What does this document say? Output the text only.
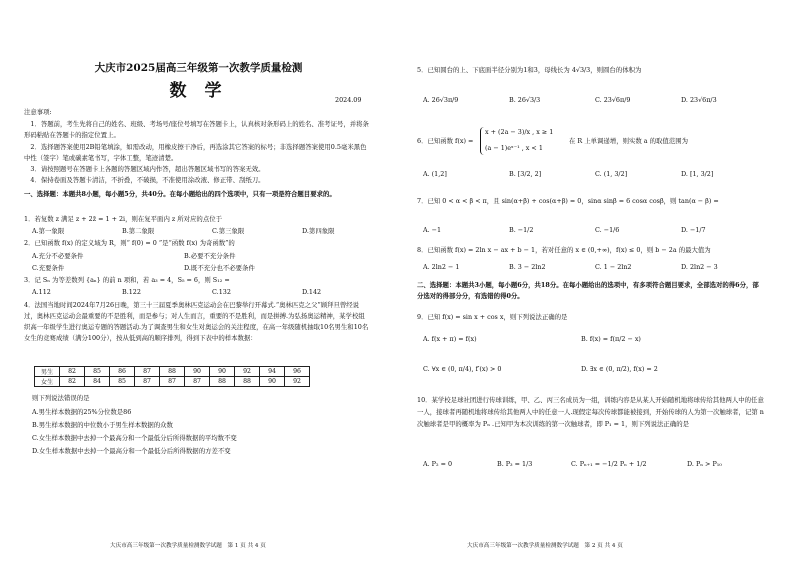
大庆市2025届高三年级第一次教学质量检测
数 学	2024.09
注意事项:
1．答题前，考生先将自己的姓名、班级、考场号/座位号填写在答题卡上，认真核对条形码上的姓名、准考证号，并将条形码粘贴在答题卡的指定位置上。
2．选择题答案使用2B铅笔填涂，如需改动，用橡皮擦干净后，再选涂其它答案的标号；非选择题答案使用0.5毫米黑色中性（签字）笔或碳素笔书写，字体工整，笔迹清楚。
3．请按照题号在答题卡上各题的答题区域内作答，超出答题区域书写的答案无效。
4．保持卷面及答题卡清洁，不折叠，不破损，不准使用涂改液、修正带、刮纸刀。
一、选择题：本题共8小题，每小题5分，共40分。在每小题给出的四个选项中，只有一项是符合题目要求的。
1．若复数 z 满足 z + 2z̄ = 1 + 2i，则在复平面内 z 所对应的点位于
A.第一象限	B.第二象限	C.第三象限	D.第四象限
2．已知函数 f(x) 的定义域为 R，则“ f(0) = 0 ”是“函数 f(x) 为奇函数”的
A.充分不必要条件	B.必要不充分条件
C.充要条件	D.既不充分也不必要条件
3．记 Sₙ 为等差数列 {aₙ} 的前 n 项和，若 a₃ = 4，S₅ = 6，则 S₁₂ =
A.112	B.122	C.132	D.142
4．法国当地时间2024年7月26日晚，第三十三届夏季奥林匹克运动会在巴黎举行开幕式.“奥林匹克之父”顾拜旦曾经说过，奥林匹克运动会最重要的不是胜利，而是参与；对人生而言，重要的不是胜利，而是拼搏.为弘扬奥运精神，某学校组织高一年级学生进行奥运专题的答题活动.为了调查男生和女生对奥运会的关注程度，在高一年级随机抽取10名男生和10名女生的竞赛成绩（满分100分），按从低到高的顺序排列，得到下表中的样本数据：
男生	82	85	86	87	88	90	90	92	94	96
女生	82	84	85	87	87	87	88	88	90	92
则下列说法错误的是
A.男生样本数据的25%分位数是86
B.男生样本数据的中位数小于男生样本数据的众数
C.女生样本数据中去掉一个最高分和一个最低分后所得数据的平均数不变
D.女生样本数据中去掉一个最高分和一个最低分后所得数据的方差不变
大庆市高三年级第一次教学质量检测数学试题　第 1 页 共 4 页
5．已知圆台的上、下底面半径分别为1和3，母线长为 4√3/3，则圆台的体积为
A. 26√3π/9	B. 26√3/3	C. 23√6π/9	D. 23√6π/3
6．已知函数 f(x) =
x + (2a − 3)/x , x ≥ 1
(a − 1)eˣ⁻¹ , x < 1
在 R 上单调递增，则实数 a 的取值范围为
A. (1,2]	B. [3/2, 2]	C. (1, 3/2]	D. [1, 3/2]
7．已知 0 < α < β < π，且 sin(α+β) + cos(α+β) = 0，sinα sinβ = 6 cosα cosβ，则 tan(α − β) =
A. −1	B. −1/2	C. −1/6	D. −1/7
8．已知函数 f(x) = 2ln x − ax + b − 1，若对任意的 x ∈ (0,+∞)，f(x) ≤ 0，则 b − 2a 的最大值为
A. 2ln2 − 1	B. 3 − 2ln2	C. 1 − 2ln2	D. 2ln2 − 3
二、选择题：本题共3小题，每小题6分，共18分。在每小题给出的选项中，有多项符合题目要求，全部选对的得6分，部分选对的得部分分，有选错的得0分。
9．已知 f(x) = sin x + cos x，则下列说法正确的是
A. f(x + π) = f(x)	B. f(x) = f(π/2 − x)
C. ∀x ∈ (0, π/4), f′(x) > 0	D. ∃x ∈ (0, π/2), f(x) = 2
10．某学校足球社团进行传球训练，甲、乙、丙三名成员为一组，训练内容是从某人开始随机地将球传给其他两人中的任意一人，接球者再随机地将球传给其他两人中的任意一人.现假定每次传球都能被接到，开始传球的人为第一次触球者，记第 n 次触球者是甲的概率为 Pₙ .已知甲为本次训练的第一次触球者，即 P₁ = 1，则下列说法正确的是
A. P₂ = 0	B. P₃ = 1/3	C. Pₙ₊₁ = −1/2 Pₙ + 1/2	D. Pₙ > P₁₀
大庆市高三年级第一次教学质量检测数学试题　第 2 页 共 4 页
